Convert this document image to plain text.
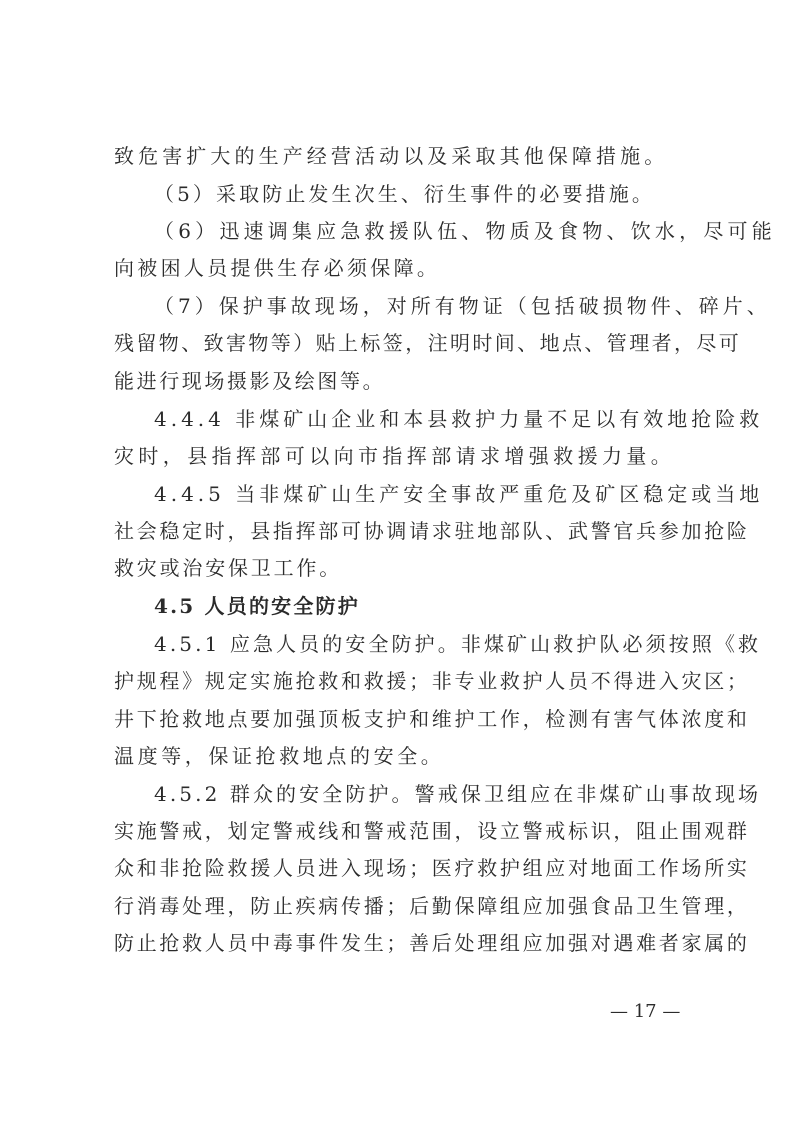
致危害扩大的生产经营活动以及采取其他保障措施。
（5）采取防止发生次生、衍生事件的必要措施。
（6）迅速调集应急救援队伍、物质及食物、饮水，尽可能
向被困人员提供生存必须保障。
（7）保护事故现场，对所有物证（包括破损物件、碎片、
残留物、致害物等）贴上标签，注明时间、地点、管理者，尽可
能进行现场摄影及绘图等。
4.4.4 非煤矿山企业和本县救护力量不足以有效地抢险救
灾时，县指挥部可以向市指挥部请求增强救援力量。
4.4.5 当非煤矿山生产安全事故严重危及矿区稳定或当地
社会稳定时，县指挥部可协调请求驻地部队、武警官兵参加抢险
救灾或治安保卫工作。
4.5 人员的安全防护
4.5.1 应急人员的安全防护。非煤矿山救护队必须按照《救
护规程》规定实施抢救和救援；非专业救护人员不得进入灾区；
井下抢救地点要加强顶板支护和维护工作，检测有害气体浓度和
温度等，保证抢救地点的安全。
4.5.2 群众的安全防护。警戒保卫组应在非煤矿山事故现场
实施警戒，划定警戒线和警戒范围，设立警戒标识，阻止围观群
众和非抢险救援人员进入现场；医疗救护组应对地面工作场所实
行消毒处理，防止疾病传播；后勤保障组应加强食品卫生管理，
防止抢救人员中毒事件发生；善后处理组应加强对遇难者家属的
— 17 —
